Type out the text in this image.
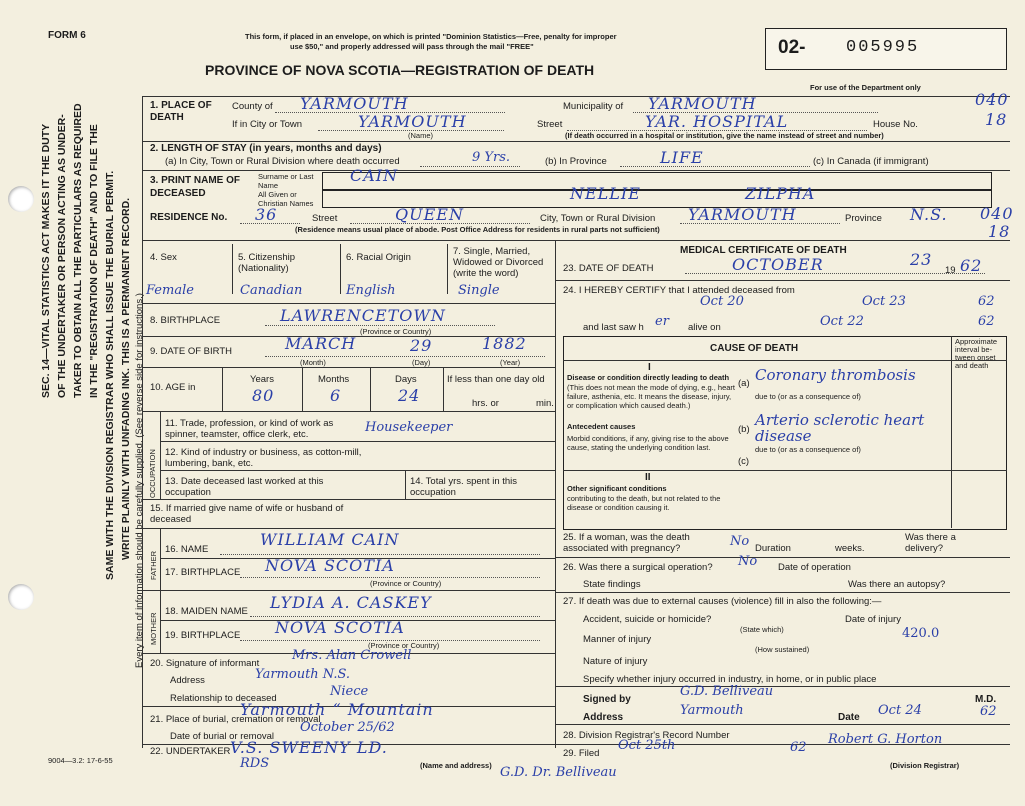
FORM 6
SEC. 14—VITAL STATISTICS ACT MAKES IT THE DUTY OF THE UNDERTAKER OR PERSON ACTING AS UNDER- TAKER TO OBTAIN ALL THE PARTICULARS AS REQUIRED IN THE "REGISTRATION OF DEATH" AND TO FILE THE SAME WITH THE DIVISION REGISTRAR WHO SHALL ISSUE THE BURIAL PERMIT. WRITE PLAINLY WITH UNFADING INK. THIS IS A PERMANENT RECORD. Every item of information should be carefully supplied. (See reverse side for instructions.)
This form, if placed in an envelope, on which is printed "Dominion Statistics—Free, penalty for improper
use $50," and properly addressed will pass through the mail "FREE"
PROVINCE OF NOVA SCOTIA—REGISTRATION OF DEATH
02- 005995
For use of the Department only
1. PLACE OF DEATH
County of YARMOUTH	Municipality of YARMOUTH	040
If in City or Town	YARMOUTH
(Name)
Street	YAR. HOSPITAL	House No.	18
(If death occurred in a hospital or institution, give the name instead of street and number)
2. LENGTH OF STAY (in years, months and days)
(a) In City, Town or Rural Division where death occurred	9 Yrs.	(b) In Province	LIFE	(c) In Canada (if immigrant)
3. PRINT NAME OF DECEASED
Surname or Last Name
All Given or Christian Names
CAIN
NELLIE	ZILPHA
RESIDENCE No. 36	Street	QUEEN	City, Town or Rural Division YARMOUTH	Province N.S. 040
18
(Residence means usual place of abode. Post Office Address for residents in rural parts not sufficient)
4. Sex	5. Citizenship (Nationality)
6. Racial Origin
7. Single, Married, Widowed or Divorced (write the word)
Female	Canadian	English	Single
8. BIRTHPLACE	LAWRENCETOWN
(Province or Country)
9. DATE OF BIRTH	MARCH	29	1882
(Month)	(Day)	(Year)
10. AGE in
Years	Months	Days	If less than one day old
80	6	24	hrs. or	min.
OCCUPATION
11. Trade, profession, or kind of work as spinner, teamster, office clerk, etc.	Housekeeper
12. Kind of industry or business, as cotton-mill, lumbering, bank, etc.
13. Date deceased last worked at this occupation
14. Total yrs. spent in this occupation
15. If married give name of wife or husband of deceased
FATHER
MOTHER
16. NAME
WILLIAM CAIN
17. BIRTHPLACE NOVA SCOTIA
(Province or Country)
18. MAIDEN NAME LYDIA A. CASKEY
19. BIRTHPLACE NOVA SCOTIA
(Province or Country)
20. Signature of informant
Mrs. Alan Crowell
Address	Yarmouth N.S.
Relationship to deceased	Niece
21. Place of burial, cremation or removal
Yarmouth “ Mountain
Date of burial or removal
October 25/62
22. UNDERTAKER V.S. SWEENY LD.
RDS	(Name and address) G.D. Dr. Belliveau
9004—3.2: 17-6-55
MEDICAL CERTIFICATE OF DEATH
23. DATE OF DEATH	OCTOBER	23
19 62
24. I HEREBY CERTIFY that I attended deceased from
Oct 20	Oct 23	62
and last saw h er alive on	Oct 22	62
CAUSE OF DEATH
Approximate interval be-tween onset and death
I
Disease or condition directly leading to death
(This does not mean the mode of dying, e.g., heart failure, asthenia, etc. It means the disease, injury, or complication which caused death.)
(a) Coronary thrombosis
due to (or as a consequence of)
Antecedent causes
Morbid conditions, if any, giving rise to the above cause, stating the underlying condition last.
(b)
Arterio sclerotic heart disease
due to (or as a consequence of)
(c)
II
Other significant conditions
contributing to the death, but not related to the disease or condition causing it.
25. If a woman, was the death associated with pregnancy?	No Duration	weeks.
Was there a delivery?
26. Was there a surgical operation? No Date of operation
State findings	Was there an autopsy?
27. If death was due to external causes (violence) fill in also the following:—
Accident, suicide or homicide?
(State which)
Date of injury
Manner of injury	420.0
(How sustained)
Nature of injury
Specify whether injury occurred in industry, in home, or in public place
Signed by
G.D. Belliveau
M.D.
Address	Yarmouth	Date Oct 24	62
28. Division Registrar's Record Number
29. Filed
Oct 25th	62
Robert G. Horton
(Division Registrar)
